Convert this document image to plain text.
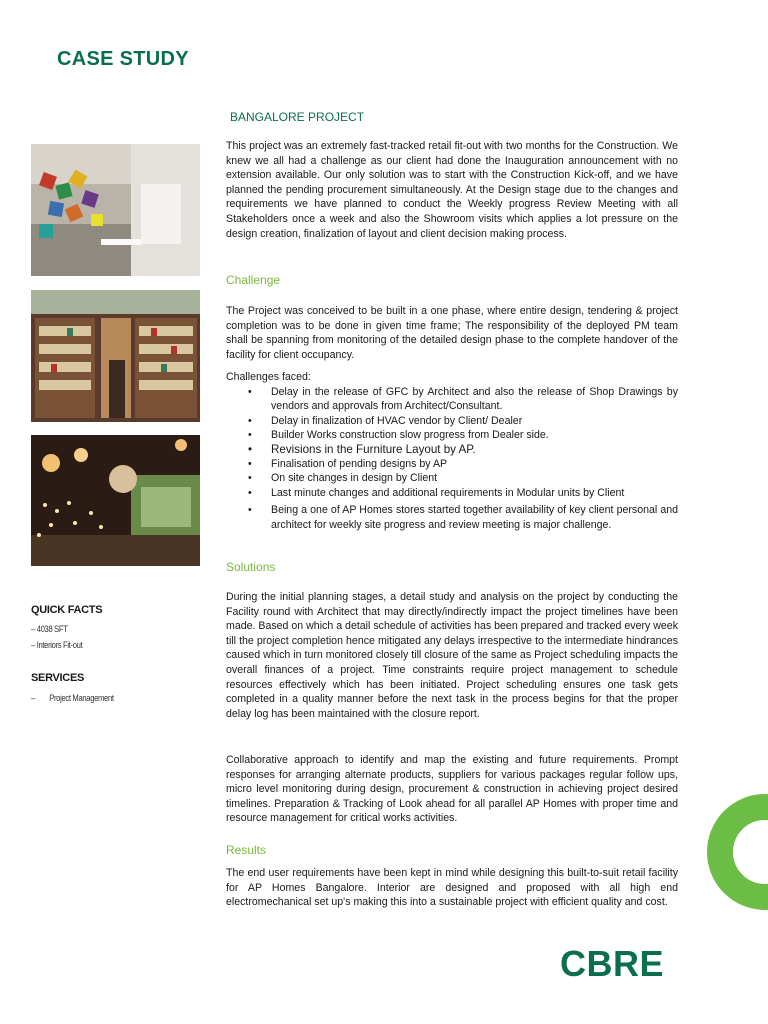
CASE STUDY
BANGALORE PROJECT

This project was an extremely fast-tracked retail fit-out with two months for the Construction. We knew we all had a challenge as our client had done the Inauguration announcement with no extension available. Our only solution was to start with the Construction Kick-off, and we have planned the pending procurement simultaneously. At the Design stage due to the changes and requirements we have planned to conduct the Weekly progress Review Meeting with all Stakeholders once a week and also the Showroom visits which applies a lot pressure on the design creation, finalization of layout and client decision making process.

Challenge

The Project was conceived to be built in a one phase, where entire design, tendering & project completion was to be done in given time frame; The responsibility of the deployed PM team shall be spanning from monitoring of the detailed design phase to the complete handover of the facility for client occupancy.

Challenges faced:
• Delay in the release of GFC by Architect and also the release of Shop Drawings by vendors and approvals from Architect/Consultant.
• Delay in finalization of HVAC vendor by Client/ Dealer
• Builder Works construction slow progress from Dealer side.
• Revisions in the Furniture Layout by AP.
• Finalisation of pending designs by AP
• On site changes in design by Client
• Last minute changes and additional requirements in Modular units by Client
• Being a one of AP Homes stores started together availability of key client personal and architect for weekly site progress and review meeting is major challenge.
Solutions

During the initial planning stages, a detail study and analysis on the project by conducting the Facility round with Architect that may directly/indirectly impact the project timelines have been made. Based on which a detail schedule of activities has been prepared and tracked every week till the project completion hence mitigated any delays irrespective to the intermediate hindrances caused which in turn monitored closely till closure of the same as Project scheduling impacts the overall finances of a project. Time constraints require project management to schedule resources effectively which has been initiated. Project scheduling ensures one task gets completed in a quality manner before the next task in the process begins for that the proper delay log has been maintained with the closure report.

Collaborative approach to identify and map the existing and future requirements. Prompt responses for arranging alternate products, suppliers for various packages regular follow ups, micro level monitoring during design, procurement & construction in achieving project desired timelines. Preparation & Tracking of Look ahead for all parallel AP Homes with proper time and resource management for critical works activities.

Results

The end user requirements have been kept in mind while designing this built-to-suit retail facility for AP Homes Bangalore. Interior are designed and proposed with all high end electromechanical set up's making this into a sustainable project with efficient quality and cost.

QUICK FACTS
– 4038 SFT
– Interiors Fit-out
SERVICES
–        Project Management
CBRE
